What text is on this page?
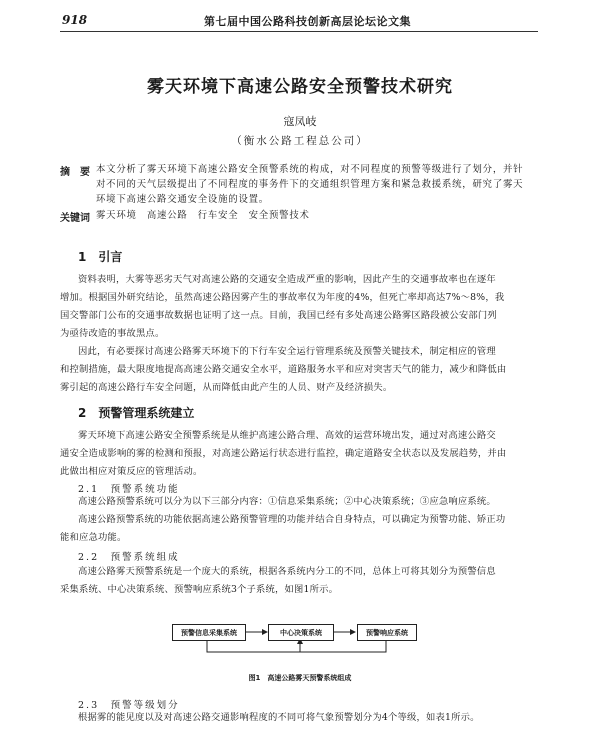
918	第七届中国公路科技创新高层论坛论文集
雾天环境下高速公路安全预警技术研究
寇凤岐
（衡水公路工程总公司）
摘　要 本文分析了雾天环境下高速公路安全预警系统的构成，对不同程度的预警等级进行了划分，并针
对不同的天气层级提出了不同程度的事务件下的交通组织管理方案和紧急救援系统，研究了雾天
环境下高速公路交通安全设施的设置。
关键词 雾天环境　高速公路　行车安全　安全预警技术
1　引言
资料表明，大雾等恶劣天气对高速公路的交通安全造成严重的影响，因此产生的交通事故率也在逐年
增加。根据国外研究结论，虽然高速公路因雾产生的事故率仅为年度的4%，但死亡率却高达7%～8%，我
国交警部门公布的交通事故数据也证明了这一点。目前，我国已经有多处高速公路雾区路段被公安部门列
为亟待改造的事故黑点。
因此，有必要探讨高速公路雾天环境下的下行车安全运行管理系统及预警关键技术，制定相应的管理
和控制措施，最大限度地提高高速公路交通安全水平，道路服务水平和应对突害天气的能力，减少和降低由
雾引起的高速公路行车安全问题，从而降低由此产生的人员、财产及经济损失。
2　预警管理系统建立
雾天环境下高速公路安全预警系统是从维护高速公路合理、高效的运营环境出发，通过对高速公路交
通安全造成影响的雾的检测和预报，对高速公路运行状态进行监控，确定道路安全状态以及发展趋势，并由
此做出相应对策反应的管理活动。
2.1　预警系统功能
高速公路预警系统可以分为以下三部分内容：①信息采集系统；②中心决策系统；③应急响应系统。
高速公路预警系统的功能依据高速公路预警管理的功能并结合自身特点，可以确定为预警功能、矫正功
能和应急功能。
2.2　预警系统组成
高速公路雾天预警系统是一个庞大的系统，根据各系统内分工的不同，总体上可将其划分为预警信息
采集系统、中心决策系统、预警响应系统3个子系统，如图1所示。
预警信息采集系统	中心决策系统	预警响应系统
图1　高速公路雾天预警系统组成
2.3　预警等级划分
根据雾的能见度以及对高速公路交通影响程度的不同可将气象预警划分为4个等级，如表1所示。
